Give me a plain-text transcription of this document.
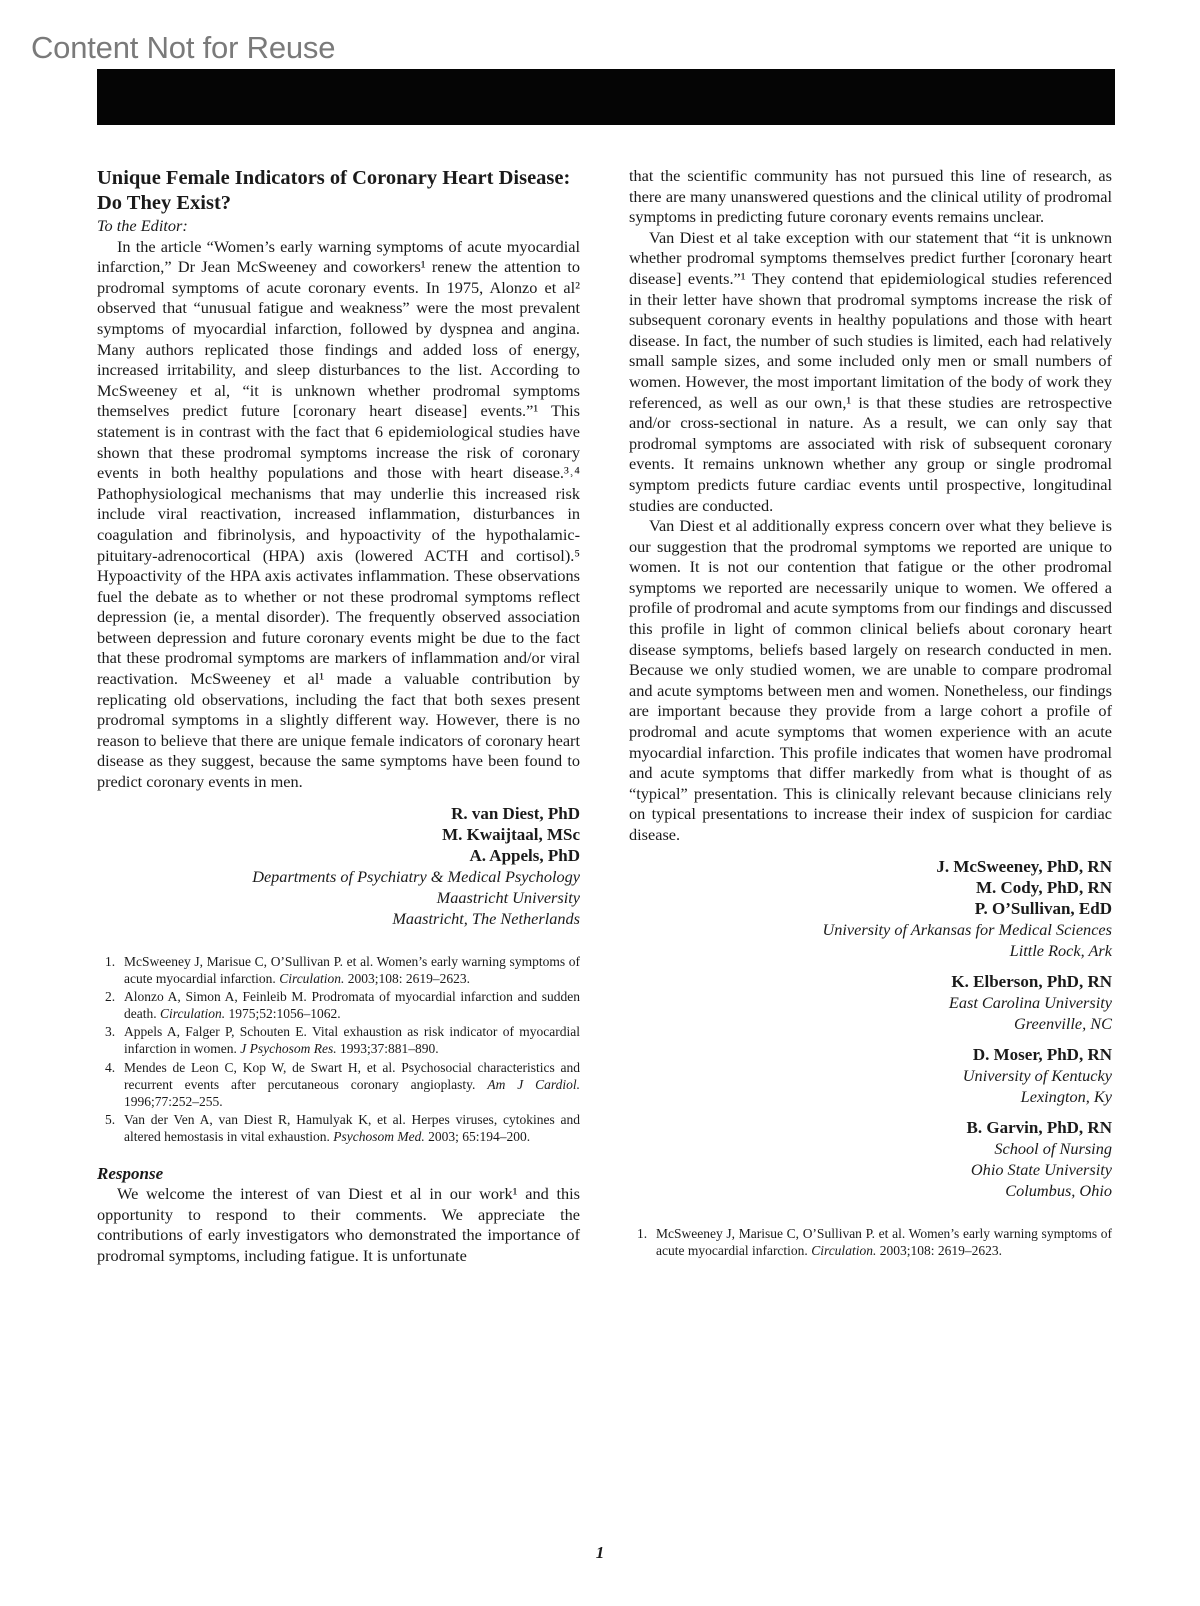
Content Not for Reuse
Unique Female Indicators of Coronary Heart Disease: Do They Exist?

To the Editor:

In the article “Women’s early warning symptoms of acute myocardial infarction,” Dr Jean McSweeney and coworkers¹ renew the attention to prodromal symptoms of acute coronary events. In 1975, Alonzo et al² observed that “unusual fatigue and weakness” were the most prevalent symptoms of myocardial infarction, followed by dyspnea and angina. Many authors replicated those findings and added loss of energy, increased irritability, and sleep disturbances to the list. According to McSweeney et al, “it is unknown whether prodromal symptoms themselves predict future [coronary heart disease] events.”¹ This statement is in contrast with the fact that 6 epidemiological studies have shown that these prodromal symptoms increase the risk of coronary events in both healthy populations and those with heart disease.³˒⁴ Pathophysiological mechanisms that may underlie this increased risk include viral reactivation, increased inflammation, disturbances in coagulation and fibrinolysis, and hypoactivity of the hypothalamic-pituitary-adrenocortical (HPA) axis (lowered ACTH and cortisol).⁵ Hypoactivity of the HPA axis activates inflammation. These observations fuel the debate as to whether or not these prodromal symptoms reflect depression (ie, a mental disorder). The frequently observed association between depression and future coronary events might be due to the fact that these prodromal symptoms are markers of inflammation and/or viral reactivation. McSweeney et al¹ made a valuable contribution by replicating old observations, including the fact that both sexes present prodromal symptoms in a slightly different way. However, there is no reason to believe that there are unique female indicators of coronary heart disease as they suggest, because the same symptoms have been found to predict coronary events in men.

R. van Diest, PhD
M. Kwaijtaal, MSc
A. Appels, PhD
Departments of Psychiatry & Medical Psychology
Maastricht University
Maastricht, The Netherlands
1. McSweeney J, Marisue C, O’Sullivan P. et al. Women’s early warning symptoms of acute myocardial infarction. Circulation. 2003;108: 2619–2623.
2. Alonzo A, Simon A, Feinleib M. Prodromata of myocardial infarction and sudden death. Circulation. 1975;52:1056–1062.
3. Appels A, Falger P, Schouten E. Vital exhaustion as risk indicator of myocardial infarction in women. J Psychosom Res. 1993;37:881–890.
4. Mendes de Leon C, Kop W, de Swart H, et al. Psychosocial characteristics and recurrent events after percutaneous coronary angioplasty. Am J Cardiol. 1996;77:252–255.
5. Van der Ven A, van Diest R, Hamulyak K, et al. Herpes viruses, cytokines and altered hemostasis in vital exhaustion. Psychosom Med. 2003; 65:194–200.
Response

We welcome the interest of van Diest et al in our work¹ and this opportunity to respond to their comments. We appreciate the contributions of early investigators who demonstrated the importance of prodromal symptoms, including fatigue. It is unfortunate

that the scientific community has not pursued this line of research, as there are many unanswered questions and the clinical utility of prodromal symptoms in predicting future coronary events remains unclear.

Van Diest et al take exception with our statement that “it is unknown whether prodromal symptoms themselves predict further [coronary heart disease] events.”¹ They contend that epidemiological studies referenced in their letter have shown that prodromal symptoms increase the risk of subsequent coronary events in healthy populations and those with heart disease. In fact, the number of such studies is limited, each had relatively small sample sizes, and some included only men or small numbers of women. However, the most important limitation of the body of work they referenced, as well as our own,¹ is that these studies are retrospective and/or cross-sectional in nature. As a result, we can only say that prodromal symptoms are associated with risk of subsequent coronary events. It remains unknown whether any group or single prodromal symptom predicts future cardiac events until prospective, longitudinal studies are conducted.

Van Diest et al additionally express concern over what they believe is our suggestion that the prodromal symptoms we reported are unique to women. It is not our contention that fatigue or the other prodromal symptoms we reported are necessarily unique to women. We offered a profile of prodromal and acute symptoms from our findings and discussed this profile in light of common clinical beliefs about coronary heart disease symptoms, beliefs based largely on research conducted in men. Because we only studied women, we are unable to compare prodromal and acute symptoms between men and women. Nonetheless, our findings are important because they provide from a large cohort a profile of prodromal and acute symptoms that women experience with an acute myocardial infarction. This profile indicates that women have prodromal and acute symptoms that differ markedly from what is thought of as “typical” presentation. This is clinically relevant because clinicians rely on typical presentations to increase their index of suspicion for cardiac disease.

J. McSweeney, PhD, RN
M. Cody, PhD, RN
P. O’Sullivan, EdD
University of Arkansas for Medical Sciences
Little Rock, Ark
K. Elberson, PhD, RN
East Carolina University
Greenville, NC
D. Moser, PhD, RN
University of Kentucky
Lexington, Ky
B. Garvin, PhD, RN
School of Nursing
Ohio State University
Columbus, Ohio
1. McSweeney J, Marisue C, O’Sullivan P. et al. Women’s early warning symptoms of acute myocardial infarction. Circulation. 2003;108: 2619–2623.
1
